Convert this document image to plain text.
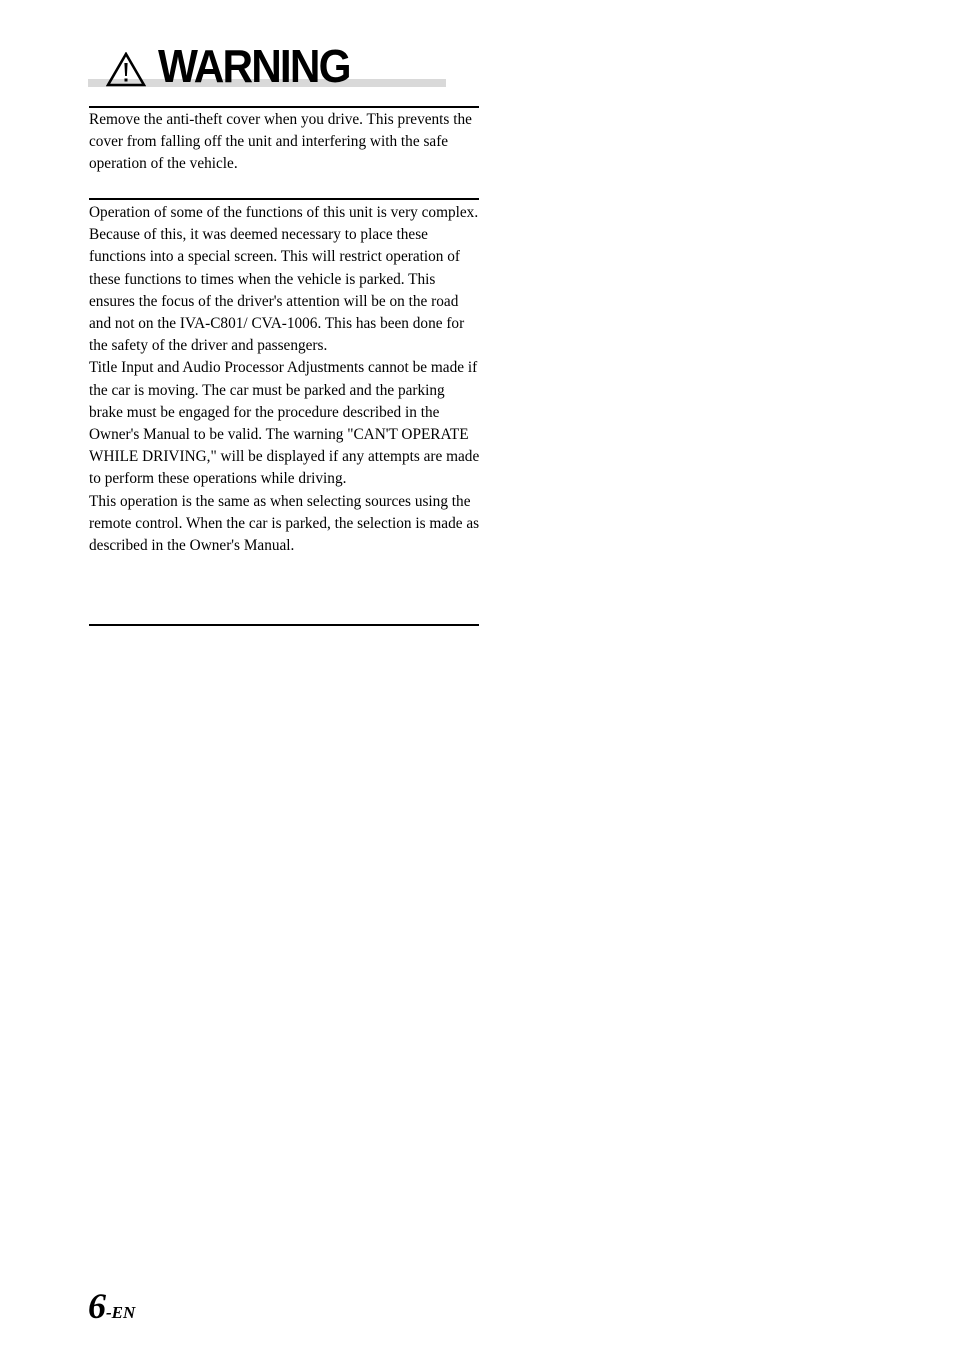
WARNING

Remove the anti-theft cover when you drive. This prevents the cover from falling off the unit and interfering with the safe operation of the vehicle.

Operation of some of the functions of this unit is very complex. Because of this, it was deemed necessary to place these functions into a special screen. This will restrict operation of these functions to times when the vehicle is parked. This ensures the focus of the driver's attention will be on the road and not on the IVA-C801/ CVA-1006. This has been done for the safety of the driver and passengers.

Title Input and Audio Processor Adjustments cannot be made if the car is moving. The car must be parked and the parking brake must be engaged for the procedure described in the Owner's Manual to be valid. The warning "CAN'T OPERATE WHILE DRIVING," will be displayed if any attempts are made to perform these operations while driving.

This operation is the same as when selecting sources using the remote control. When the car is parked, the selection is made as described in the Owner's Manual.

6-EN
